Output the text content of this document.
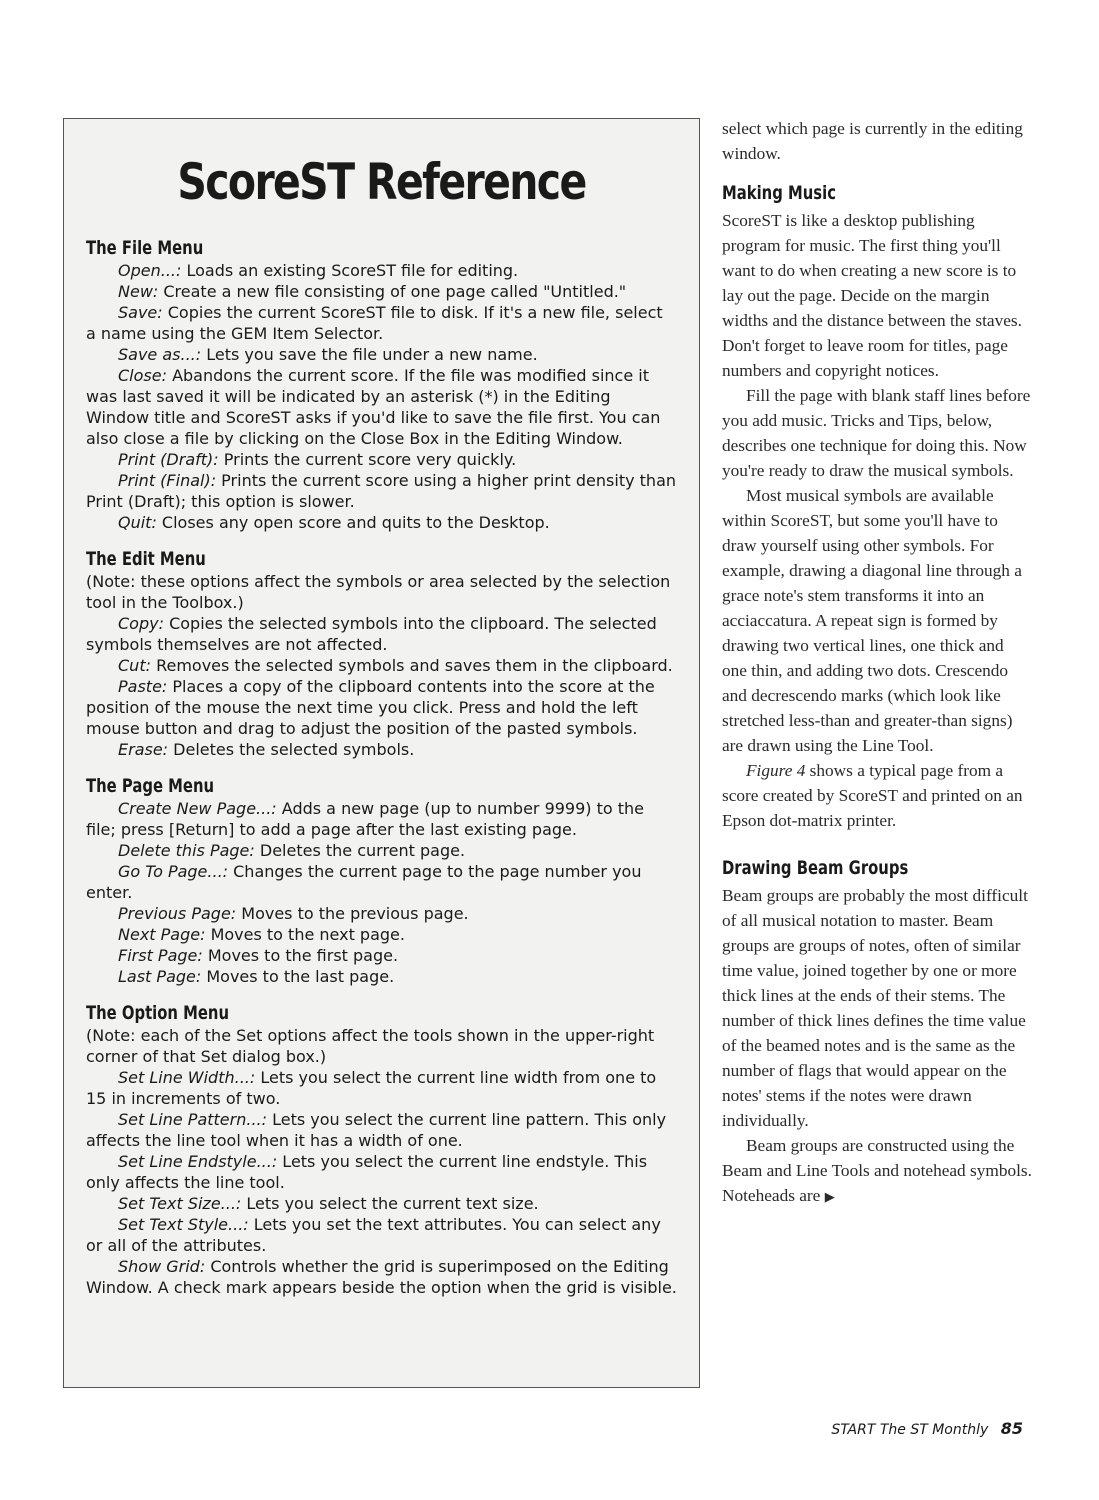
ScoreST Reference
The File Menu

Open...: Loads an existing ScoreST file for editing.

New: Create a new file consisting of one page called "Untitled."

Save: Copies the current ScoreST file to disk. If it's a new file, select a name using the GEM Item Selector.

Save as...: Lets you save the file under a new name.

Close: Abandons the current score. If the file was modified since it was last saved it will be indicated by an asterisk (*) in the Editing Window title and ScoreST asks if you'd like to save the file first. You can also close a file by clicking on the Close Box in the Editing Window.

Print (Draft): Prints the current score very quickly.

Print (Final): Prints the current score using a higher print density than Print (Draft); this option is slower.

Quit: Closes any open score and quits to the Desktop.

The Edit Menu

(Note: these options affect the symbols or area selected by the selection tool in the Toolbox.)

Copy: Copies the selected symbols into the clipboard. The selected symbols themselves are not affected.

Cut: Removes the selected symbols and saves them in the clipboard.

Paste: Places a copy of the clipboard contents into the score at the position of the mouse the next time you click. Press and hold the left mouse button and drag to adjust the position of the pasted symbols.

Erase: Deletes the selected symbols.

The Page Menu

Create New Page...: Adds a new page (up to number 9999) to the file; press [Return] to add a page after the last existing page.

Delete this Page: Deletes the current page.

Go To Page...: Changes the current page to the page number you enter.

Previous Page: Moves to the previous page.

Next Page: Moves to the next page.

First Page: Moves to the first page.

Last Page: Moves to the last page.

The Option Menu

(Note: each of the Set options affect the tools shown in the upper-right corner of that Set dialog box.)

Set Line Width...: Lets you select the current line width from one to 15 in increments of two.

Set Line Pattern...: Lets you select the current line pattern. This only affects the line tool when it has a width of one.

Set Line Endstyle...: Lets you select the current line endstyle. This only affects the line tool.

Set Text Size...: Lets you select the current text size.

Set Text Style...: Lets you set the text attributes. You can select any or all of the attributes.

Show Grid: Controls whether the grid is superimposed on the Editing Window. A check mark appears beside the option when the grid is visible.

select which page is currently in the editing window.

Making Music

ScoreST is like a desktop publishing program for music. The first thing you'll want to do when creating a new score is to lay out the page. Decide on the margin widths and the distance between the staves. Don't forget to leave room for titles, page numbers and copyright notices.

Fill the page with blank staff lines before you add music. Tricks and Tips, below, describes one technique for doing this. Now you're ready to draw the musical symbols.

Most musical symbols are available within ScoreST, but some you'll have to draw yourself using other symbols. For example, drawing a diagonal line through a grace note's stem transforms it into an acciaccatura. A repeat sign is formed by drawing two vertical lines, one thick and one thin, and adding two dots. Crescendo and decrescendo marks (which look like stretched less-than and greater-than signs) are drawn using the Line Tool.

Figure 4 shows a typical page from a score created by ScoreST and printed on an Epson dot-matrix printer.

Drawing Beam Groups

Beam groups are probably the most difficult of all musical notation to master. Beam groups are groups of notes, often of similar time value, joined together by one or more thick lines at the ends of their stems. The number of thick lines defines the time value of the beamed notes and is the same as the number of flags that would appear on the notes' stems if the notes were drawn individually.

Beam groups are constructed using the Beam and Line Tools and notehead symbols. Noteheads are ▶

START The ST Monthly 85
